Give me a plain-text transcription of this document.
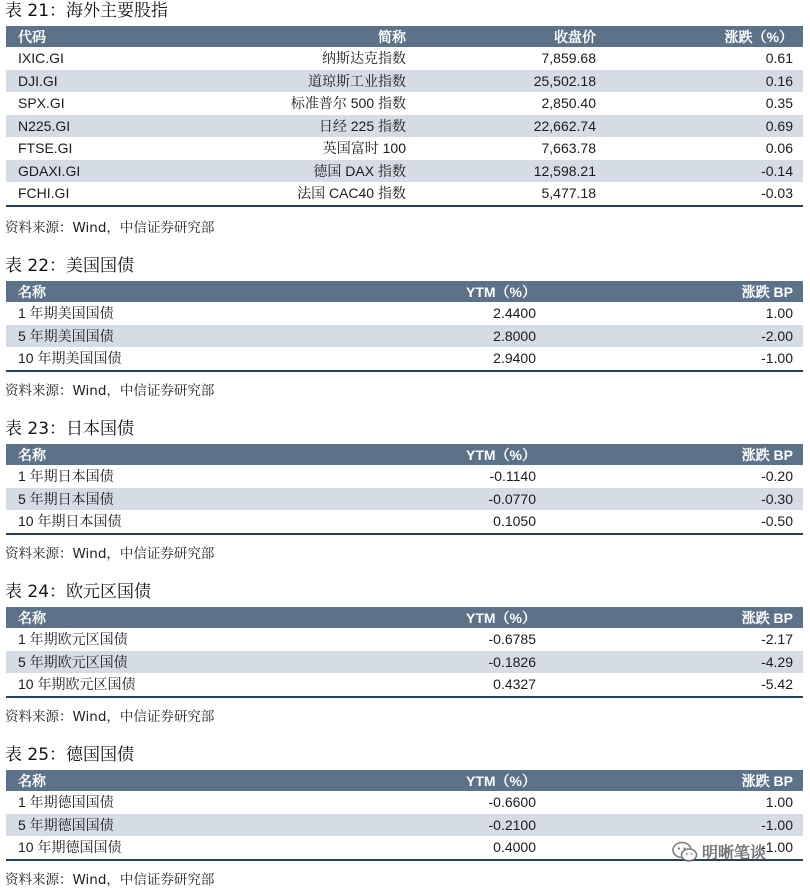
表 21：海外主要股指
代码	简称	收盘价	涨跌（%）
IXIC.GI	纳斯达克指数	7,859.68	0.61
DJI.GI	道琼斯工业指数	25,502.18	0.16
SPX.GI	标准普尔 500 指数	2,850.40	0.35
N225.GI	日经 225 指数	22,662.74	0.69
FTSE.GI	英国富时 100	7,663.78	0.06
GDAXI.GI	德国 DAX 指数	12,598.21	-0.14
FCHI.GI	法国 CAC40 指数	5,477.18	-0.03
资料来源：Wind，中信证券研究部
表 22：美国国债
名称	YTM（%）	涨跌 BP
1 年期美国国债	2.4400	1.00
5 年期美国国债	2.8000	-2.00
10 年期美国国债	2.9400	-1.00
资料来源：Wind，中信证券研究部
表 23：日本国债
名称	YTM（%）	涨跌 BP
1 年期日本国债	-0.1140	-0.20
5 年期日本国债	-0.0770	-0.30
10 年期日本国债	0.1050	-0.50
资料来源：Wind，中信证券研究部
表 24：欧元区国债
名称	YTM（%）	涨跌 BP
1 年期欧元区国债	-0.6785	-2.17
5 年期欧元区国债	-0.1826	-4.29
10 年期欧元区国债	0.4327	-5.42
资料来源：Wind，中信证券研究部
表 25：德国国债
名称	YTM（%）	涨跌 BP
1 年期德国国债	-0.6600	1.00
5 年期德国国债	-0.2100	-1.00
10 年期德国国债	0.4000	-1.00
资料来源：Wind，中信证券研究部
明晰笔谈
